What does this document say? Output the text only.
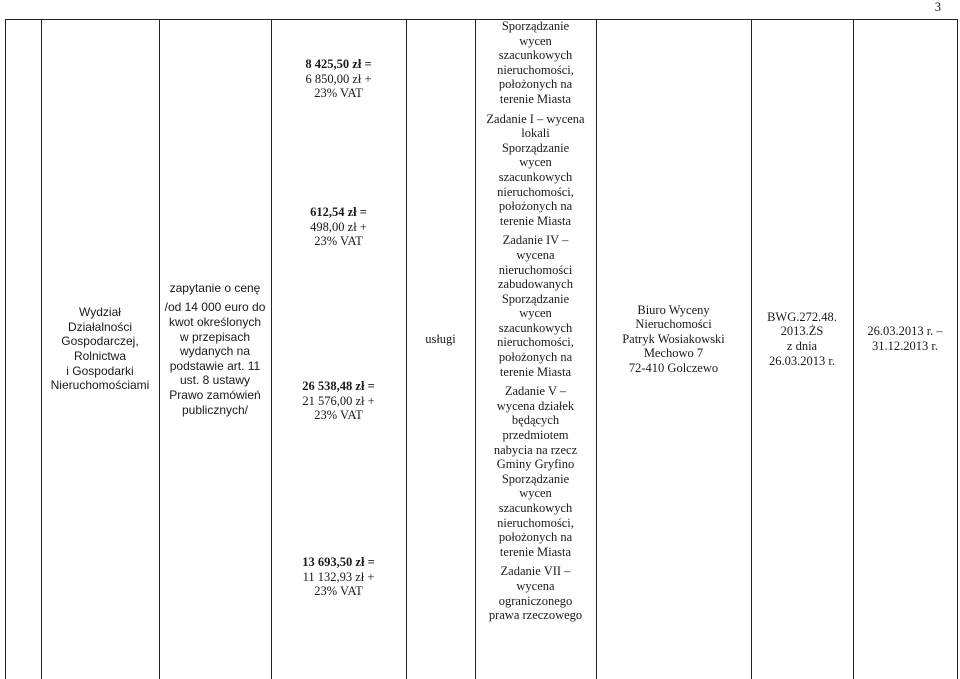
3
Wydział
Działalności
Gospodarczej,
Rolnictwa
i Gospodarki
Nieruchomościami
zapytanie o cenę

/od 14 000 euro do
kwot określonych
w przepisach
wydanych na
podstawie art. 11
ust. 8 ustawy
Prawo zamówień
publicznych/
8 425,50 zł =
6 850,00 zł +
23% VAT
612,54 zł =
498,00 zł +
23% VAT
26 538,48 zł =
21 576,00 zł +
23% VAT
13 693,50 zł =
11 132,93 zł +
23% VAT
usługi
Sporządzanie
wycen
szacunkowych
nieruchomości,
położonych na
terenie Miasta

Zadanie I – wycena
lokali
Sporządzanie
wycen
szacunkowych
nieruchomości,
położonych na
terenie Miasta

Zadanie IV –
wycena
nieruchomości
zabudowanych
Sporządzanie
wycen
szacunkowych
nieruchomości,
położonych na
terenie Miasta

Zadanie V –
wycena działek
będących
przedmiotem
nabycia na rzecz
Gminy Gryfino
Sporządzanie
wycen
szacunkowych
nieruchomości,
położonych na
terenie Miasta

Zadanie VII –
wycena
ograniczonego
prawa rzeczowego
Biuro Wyceny
Nieruchomości
Patryk Wosiakowski
Mechowo 7
72-410 Golczewo
BWG.272.48.
2013.ŻS
z dnia
26.03.2013 r.
26.03.2013 r. –
31.12.2013 r.
